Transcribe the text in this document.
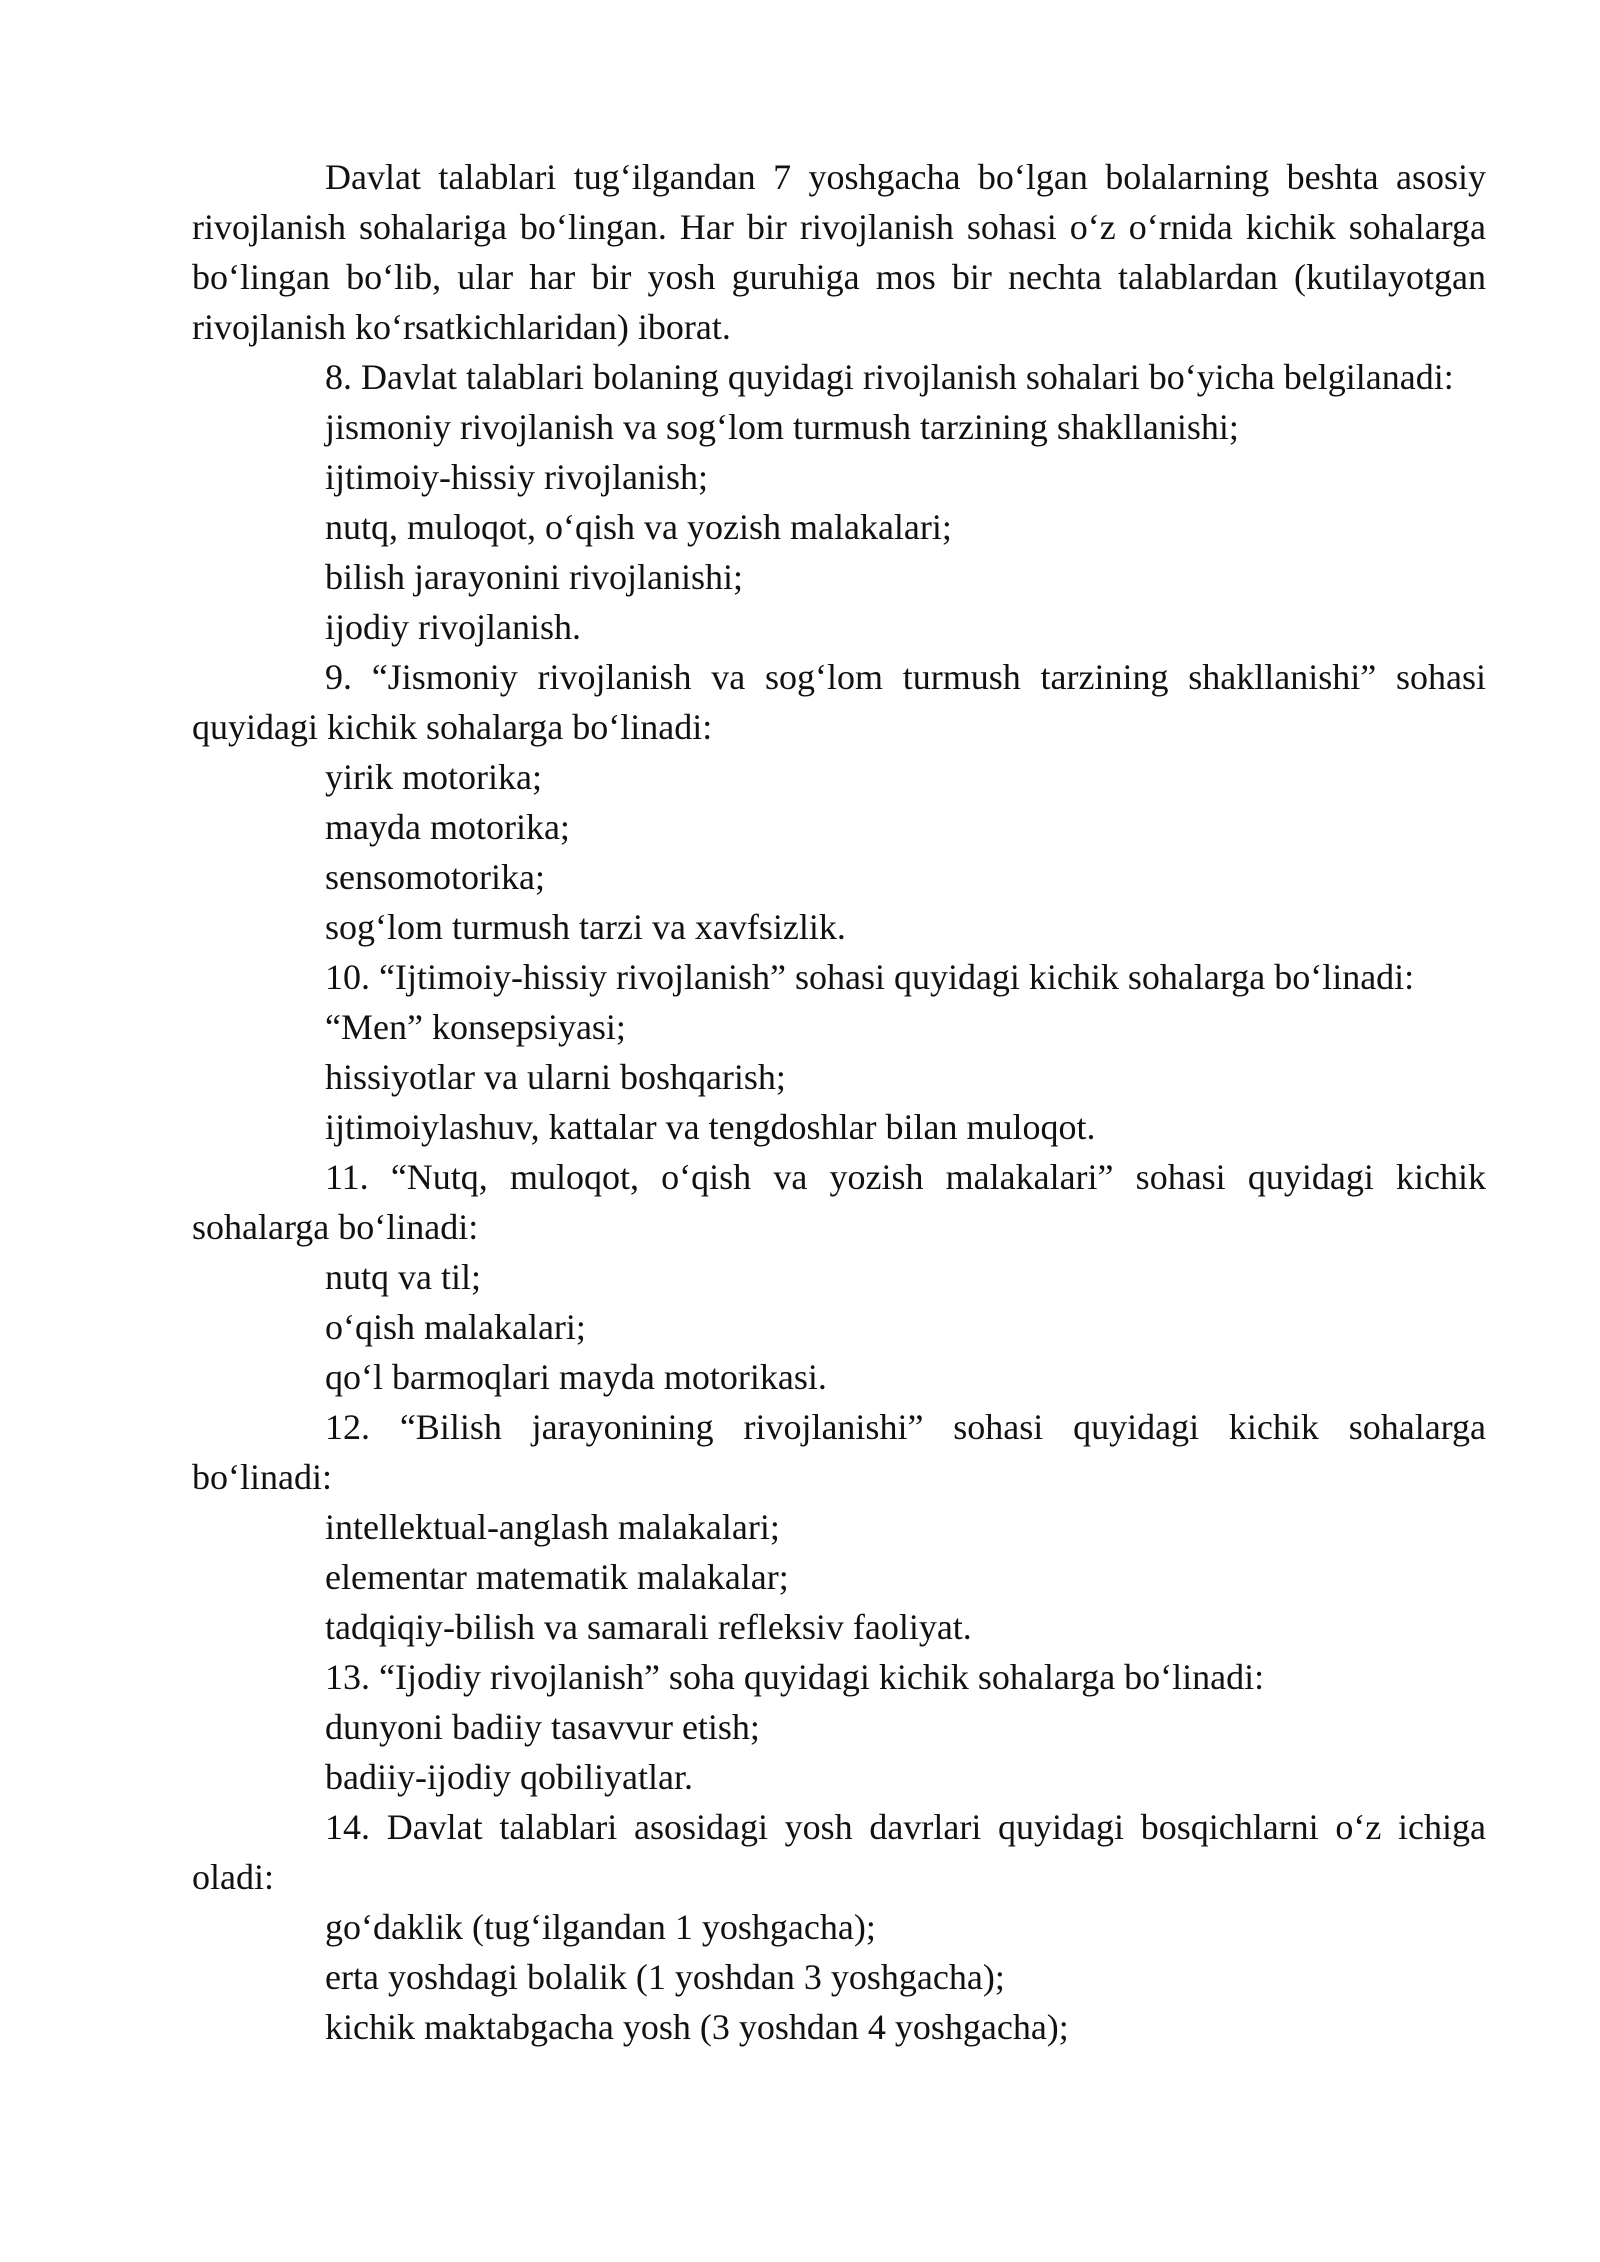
Davlat talablari tug‘ilgandan 7 yoshgacha bo‘lgan bolalarning beshta asosiy rivojlanish sohalariga bo‘lingan. Har bir rivojlanish sohasi o‘z o‘rnida kichik sohalarga bo‘lingan bo‘lib, ular har bir yosh guruhiga mos bir nechta talablardan (kutilayotgan rivojlanish ko‘rsatkichlaridan) iborat.

8. Davlat talablari bolaning quyidagi rivojlanish sohalari bo‘yicha belgilanadi:

jismoniy rivojlanish va sog‘lom turmush tarzining shakllanishi;

ijtimoiy-hissiy rivojlanish;

nutq, muloqot, o‘qish va yozish malakalari;

bilish jarayonini rivojlanishi;

ijodiy rivojlanish.

9. “Jismoniy rivojlanish va sog‘lom turmush tarzining shakllanishi” sohasi quyidagi kichik sohalarga bo‘linadi:

yirik motorika;

mayda motorika;

sensomotorika;

sog‘lom turmush tarzi va xavfsizlik.

10. “Ijtimoiy-hissiy rivojlanish” sohasi quyidagi kichik sohalarga bo‘linadi:

“Men” konsepsiyasi;

hissiyotlar va ularni boshqarish;

ijtimoiylashuv, kattalar va tengdoshlar bilan muloqot.

11. “Nutq, muloqot, o‘qish va yozish malakalari” sohasi quyidagi kichik sohalarga bo‘linadi:

nutq va til;

o‘qish malakalari;

qo‘l barmoqlari mayda motorikasi.

12. “Bilish jarayonining rivojlanishi” sohasi quyidagi kichik sohalarga bo‘linadi:

intellektual-anglash malakalari;

elementar matematik malakalar;

tadqiqiy-bilish va samarali refleksiv faoliyat.

13. “Ijodiy rivojlanish” soha quyidagi kichik sohalarga bo‘linadi:

dunyoni badiiy tasavvur etish;

badiiy-ijodiy qobiliyatlar.

14. Davlat talablari asosidagi yosh davrlari quyidagi bosqichlarni o‘z ichiga oladi:

go‘daklik (tug‘ilgandan 1 yoshgacha);

erta yoshdagi bolalik (1 yoshdan 3 yoshgacha);

kichik maktabgacha yosh (3 yoshdan 4 yoshgacha);
